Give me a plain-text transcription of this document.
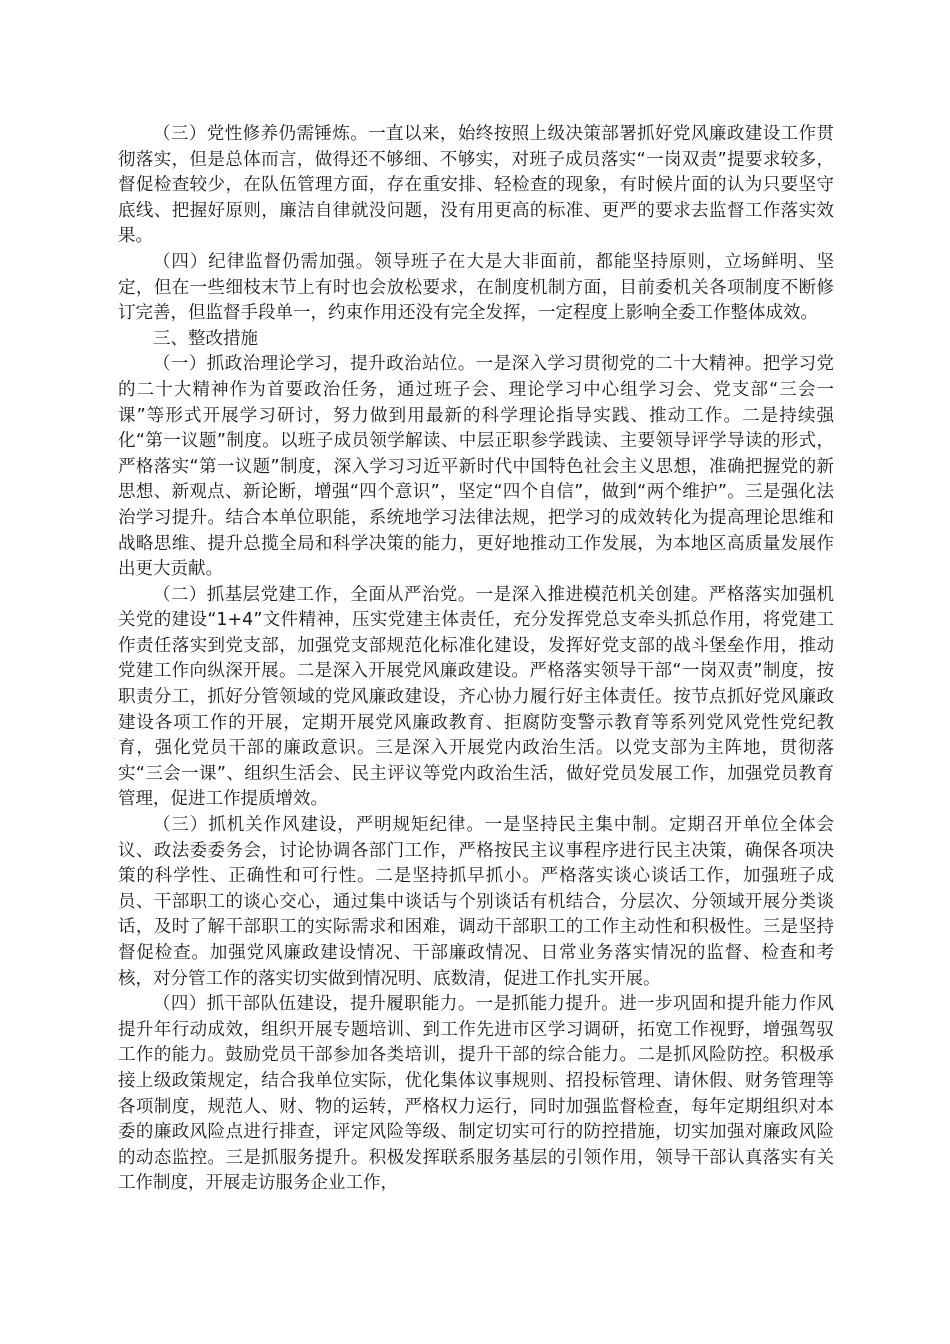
（三）党性修养仍需锤炼。一直以来，始终按照上级决策部署抓好党风廉政建设工作贯彻落实，但是总体而言，做得还不够细、不够实，对班子成员落实“一岗双责”提要求较多，督促检查较少，在队伍管理方面，存在重安排、轻检查的现象，有时候片面的认为只要坚守底线、把握好原则，廉洁自律就没问题，没有用更高的标准、更严的要求去监督工作落实效果。

（四）纪律监督仍需加强。领导班子在大是大非面前，都能坚持原则，立场鲜明、坚定，但在一些细枝末节上有时也会放松要求，在制度机制方面，目前委机关各项制度不断修订完善，但监督手段单一，约束作用还没有完全发挥，一定程度上影响全委工作整体成效。

三、整改措施

（一）抓政治理论学习，提升政治站位。一是深入学习贯彻党的二十大精神。把学习党的二十大精神作为首要政治任务，通过班子会、理论学习中心组学习会、党支部“三会一课”等形式开展学习研讨，努力做到用最新的科学理论指导实践、推动工作。二是持续强化“第一议题”制度。以班子成员领学解读、中层正职参学践读、主要领导评学导读的形式，严格落实“第一议题”制度，深入学习习近平新时代中国特色社会主义思想，准确把握党的新思想、新观点、新论断，增强“四个意识”，坚定“四个自信”，做到“两个维护”。三是强化法治学习提升。结合本单位职能，系统地学习法律法规，把学习的成效转化为提高理论思维和战略思维、提升总揽全局和科学决策的能力，更好地推动工作发展，为本地区高质量发展作出更大贡献。

（二）抓基层党建工作，全面从严治党。一是深入推进模范机关创建。严格落实加强机关党的建设“1+4”文件精神，压实党建主体责任，充分发挥党总支牵头抓总作用，将党建工作责任落实到党支部，加强党支部规范化标准化建设，发挥好党支部的战斗堡垒作用，推动党建工作向纵深开展。二是深入开展党风廉政建设。严格落实领导干部“一岗双责”制度，按职责分工，抓好分管领域的党风廉政建设，齐心协力履行好主体责任。按节点抓好党风廉政建设各项工作的开展，定期开展党风廉政教育、拒腐防变警示教育等系列党风党性党纪教育，强化党员干部的廉政意识。三是深入开展党内政治生活。以党支部为主阵地，贯彻落实“三会一课”、组织生活会、民主评议等党内政治生活，做好党员发展工作，加强党员教育管理，促进工作提质增效。

（三）抓机关作风建设，严明规矩纪律。一是坚持民主集中制。定期召开单位全体会议、政法委委务会，讨论协调各部门工作，严格按民主议事程序进行民主决策，确保各项决策的科学性、正确性和可行性。二是坚持抓早抓小。严格落实谈心谈话工作，加强班子成员、干部职工的谈心交心，通过集中谈话与个别谈话有机结合，分层次、分领域开展分类谈话，及时了解干部职工的实际需求和困难，调动干部职工的工作主动性和积极性。三是坚持督促检查。加强党风廉政建设情况、干部廉政情况、日常业务落实情况的监督、检查和考核，对分管工作的落实切实做到情况明、底数清，促进工作扎实开展。

（四）抓干部队伍建设，提升履职能力。一是抓能力提升。进一步巩固和提升能力作风提升年行动成效，组织开展专题培训、到工作先进市区学习调研，拓宽工作视野，增强驾驭工作的能力。鼓励党员干部参加各类培训，提升干部的综合能力。二是抓风险防控。积极承接上级政策规定，结合我单位实际，优化集体议事规则、招投标管理、请休假、财务管理等各项制度，规范人、财、物的运转，严格权力运行，同时加强监督检查，每年定期组织对本委的廉政风险点进行排查，评定风险等级、制定切实可行的防控措施，切实加强对廉政风险的动态监控。三是抓服务提升。积极发挥联系服务基层的引领作用，领导干部认真落实有关工作制度，开展走访服务企业工作，
